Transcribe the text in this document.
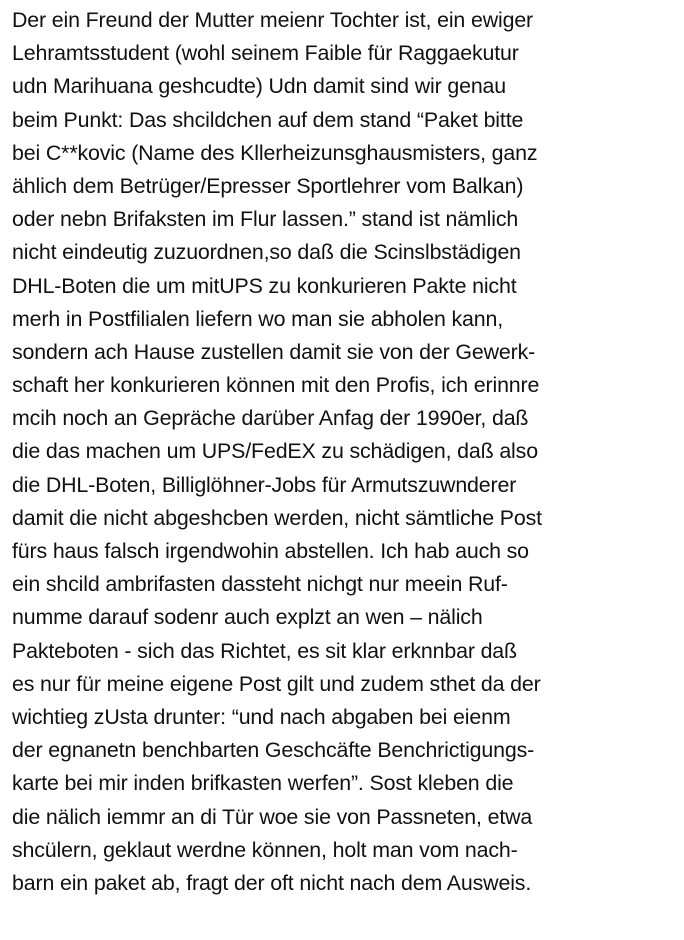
Der ein Freund der Mutter meienr Tochter ist, ein ewiger
Lehramtsstudent (wohl seinem Faible für Raggaekutur
udn Marihuana geshcudte) Udn damit sind wir genau
beim Punkt: Das shcildchen auf dem stand “Paket bitte
bei C**kovic (Name des Kllerheizunsghausmisters, ganz
ählich dem Betrüger/Epresser Sportlehrer vom Balkan)
oder nebn Brifaksten im Flur lassen.” stand ist nämlich
nicht eindeutig zuzuordnen,so daß die Scinslbstädigen
DHL-Boten die um mitUPS zu konkurieren Pakte nicht
merh in Postfilialen liefern wo man sie abholen kann,
sondern ach Hause zustellen damit sie von der Gewerk-
schaft her konkurieren können mit den Profis, ich erinnre
mcih noch an Gepräche darüber Anfag der 1990er, daß
die das machen um UPS/FedEX zu schädigen, daß also
die DHL-Boten, Billiglöhner-Jobs für Armutszuwnderer
damit die nicht abgeshcben werden, nicht sämtliche Post
fürs haus falsch irgendwohin abstellen. Ich hab auch so
ein shcild ambrifasten dassteht nichgt nur meein Ruf-
numme darauf sodenr auch explzt an wen – nälich
Pakteboten - sich das Richtet, es sit klar erknnbar daß
es nur für meine eigene Post gilt und zudem sthet da der
wichtieg zUsta drunter: “und nach abgaben bei eienm
der egnanetn benchbarten Geschcäfte Benchrictigungs-
karte bei mir inden brifkasten werfen”. Sost kleben die
die nälich iemmr an di Tür woe sie von Passneten, etwa
shcülern, geklaut werdne können, holt man vom nach-
barn ein paket ab, fragt der oft nicht nach dem Ausweis.
